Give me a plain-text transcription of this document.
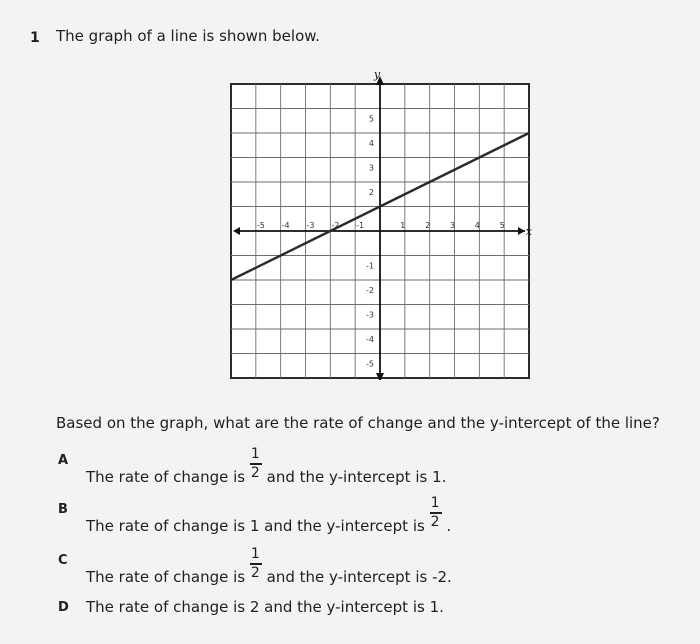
1 The graph of a line is shown below.
x
y
-5 -4 -3 -2 -1	1 2 3 4 5
5
4
3
2
-1
-2
-3
-4
-5
Based on the graph, what are the rate of change and the y-intercept of the line?
A
The rate of change is $\frac{1}{2}$ and the y-intercept is 1.
B
The rate of change is 1 and the y-intercept is $\frac{1}{2}$ .
C
The rate of change is $\frac{1}{2}$ and the y-intercept is -2.
D The rate of change is 2 and the y-intercept is 1.
